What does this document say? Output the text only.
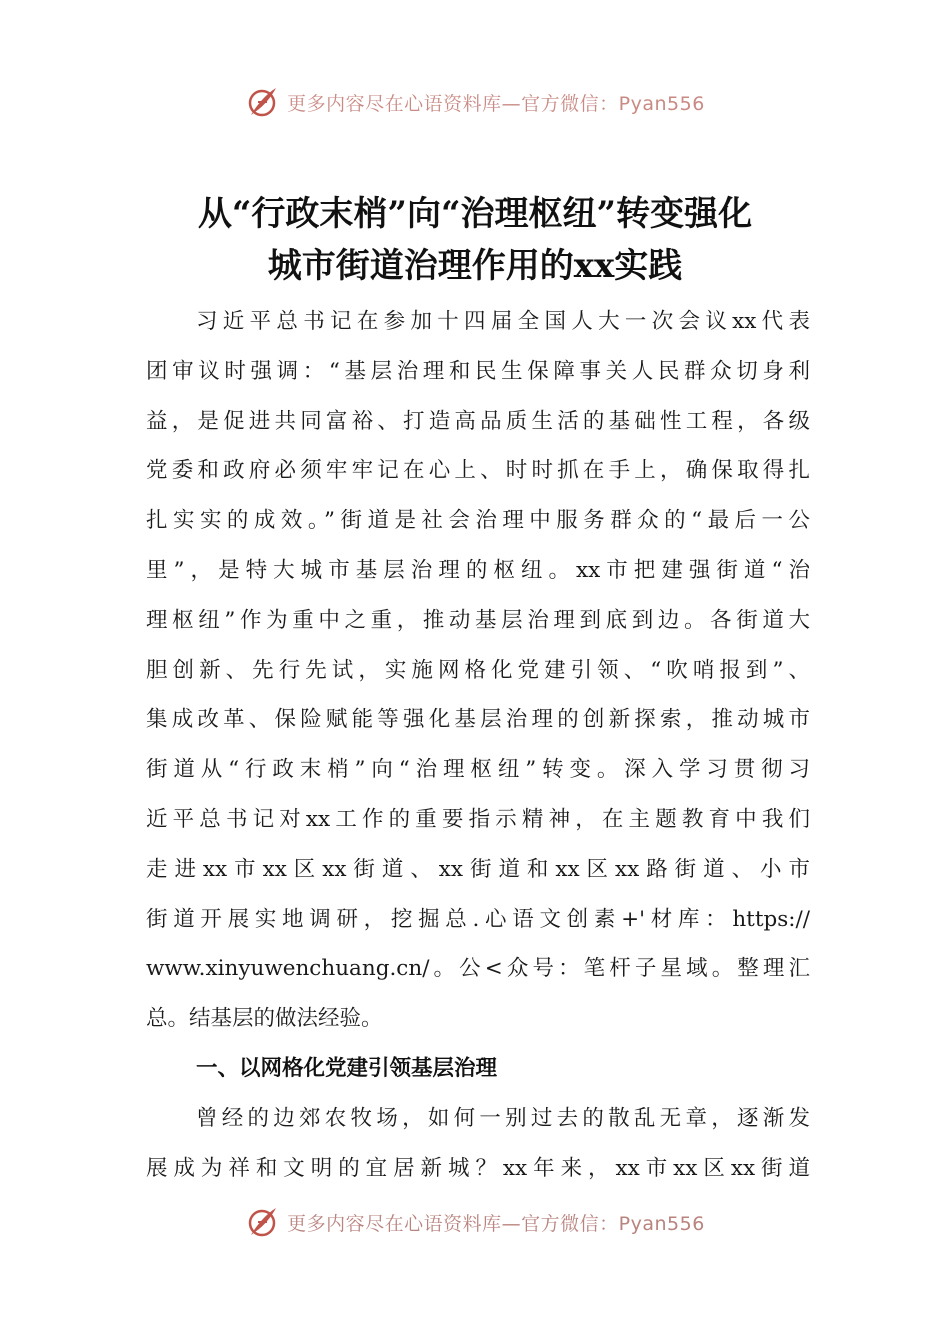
更多内容尽在心语资料库—官方微信：Pyan556
从“行政末梢”向“治理枢纽”转变强化
城市街道治理作用的xx实践
习近平总书记在参加十四届全国人大一次会议xx代表
团审议时强调：“基层治理和民生保障事关人民群众切身利
益，是促进共同富裕、打造高品质生活的基础性工程，各级
党委和政府必须牢牢记在心上、时时抓在手上，确保取得扎
扎实实的成效。”街道是社会治理中服务群众的“最后一公
里”，是特大城市基层治理的枢纽。xx市把建强街道“治
理枢纽”作为重中之重，推动基层治理到底到边。各街道大
胆创新、先行先试，实施网格化党建引领、“吹哨报到”、
集成改革、保险赋能等强化基层治理的创新探索，推动城市
街道从“行政末梢”向“治理枢纽”转变。深入学习贯彻习
近平总书记对xx工作的重要指示精神，在主题教育中我们
走进xx市xx区xx街道、xx街道和xx区xx路街道、小市
街道开展实地调研，挖掘总.心语文创素+'材库：https://
www.xinyuwenchuang.cn/。公<众号：笔杆子星域。整理汇
总。结基层的做法经验。
一、以网格化党建引领基层治理
曾经的边郊农牧场，如何一别过去的散乱无章，逐渐发
展成为祥和文明的宜居新城？xx年来，xx市xx区xx街道
更多内容尽在心语资料库—官方微信：Pyan556
